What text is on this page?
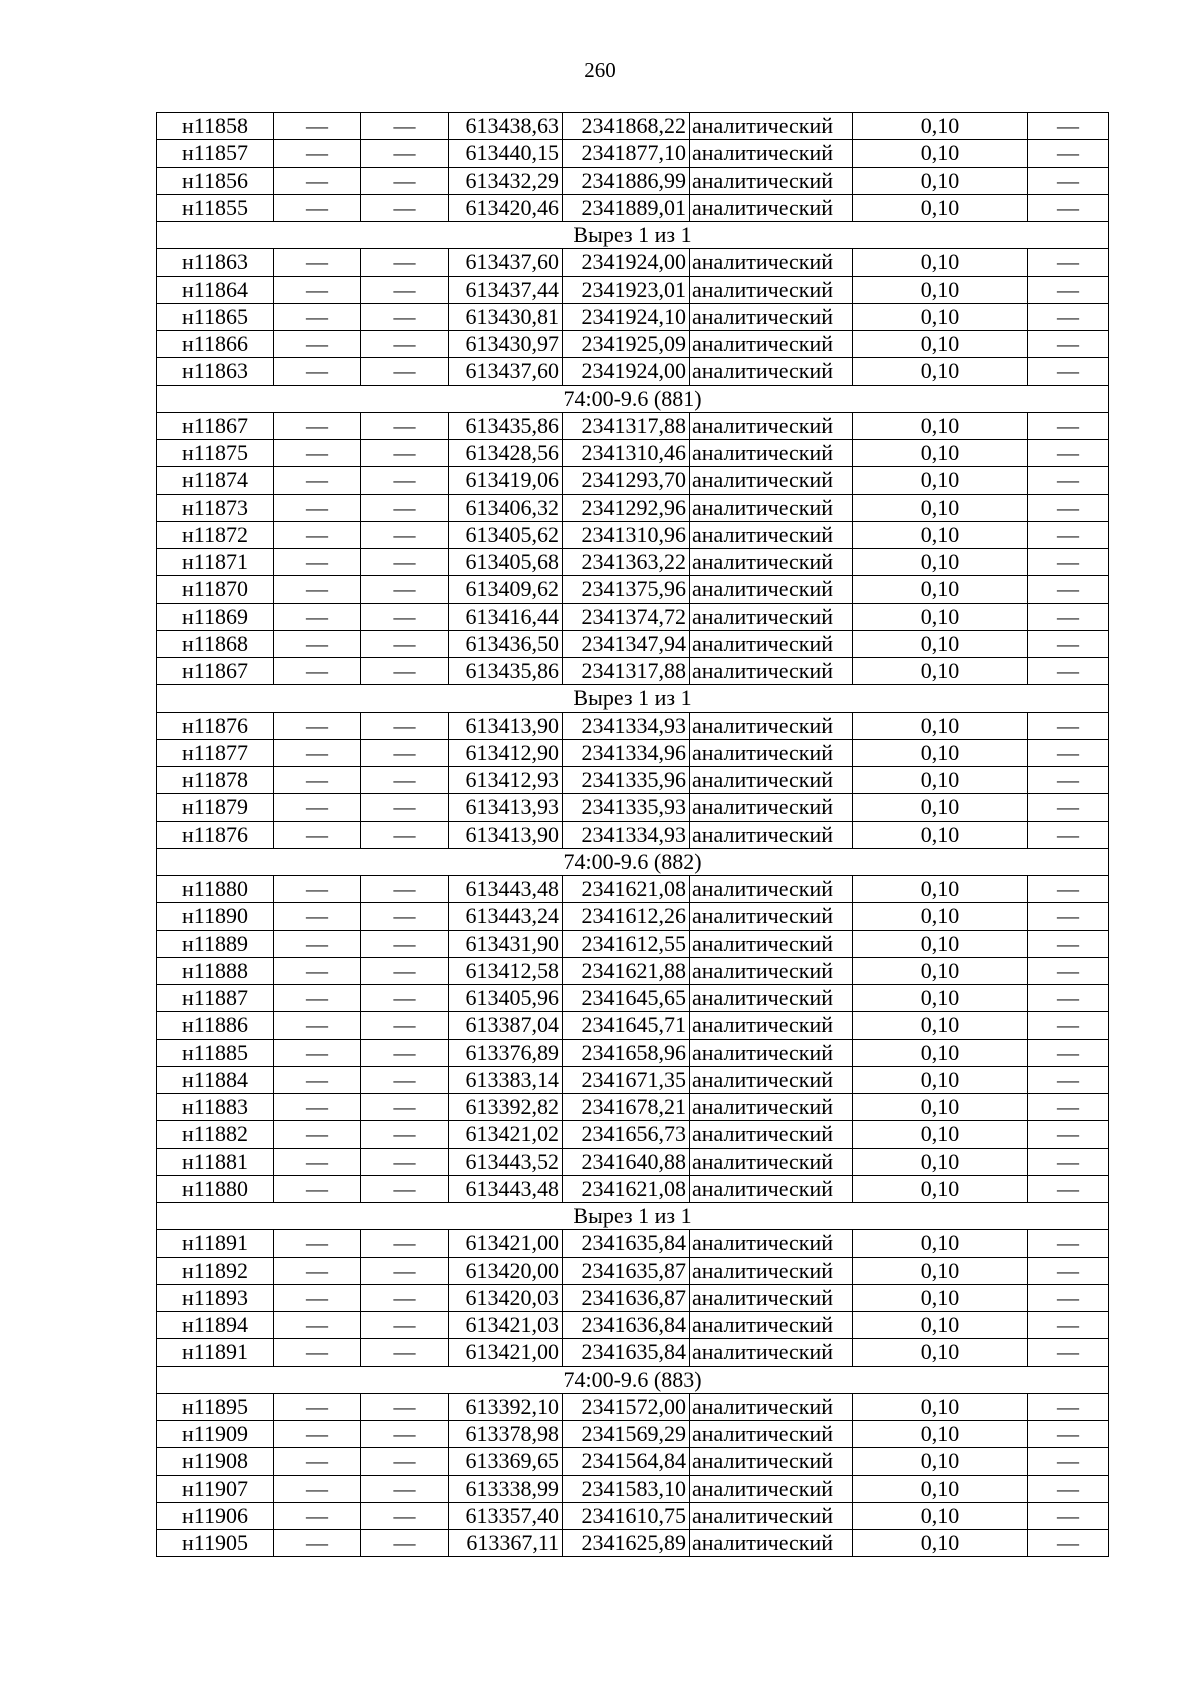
260
н11858	—	—	613438,63	2341868,22	аналитический	0,10	—
н11857	—	—	613440,15	2341877,10	аналитический	0,10	—
н11856	—	—	613432,29	2341886,99	аналитический	0,10	—
н11855	—	—	613420,46	2341889,01	аналитический	0,10	—
Вырез 1 из 1							
н11863	—	—	613437,60	2341924,00	аналитический	0,10	—
н11864	—	—	613437,44	2341923,01	аналитический	0,10	—
н11865	—	—	613430,81	2341924,10	аналитический	0,10	—
н11866	—	—	613430,97	2341925,09	аналитический	0,10	—
н11863	—	—	613437,60	2341924,00	аналитический	0,10	—
74:00-9.6 (881)							
н11867	—	—	613435,86	2341317,88	аналитический	0,10	—
н11875	—	—	613428,56	2341310,46	аналитический	0,10	—
н11874	—	—	613419,06	2341293,70	аналитический	0,10	—
н11873	—	—	613406,32	2341292,96	аналитический	0,10	—
н11872	—	—	613405,62	2341310,96	аналитический	0,10	—
н11871	—	—	613405,68	2341363,22	аналитический	0,10	—
н11870	—	—	613409,62	2341375,96	аналитический	0,10	—
н11869	—	—	613416,44	2341374,72	аналитический	0,10	—
н11868	—	—	613436,50	2341347,94	аналитический	0,10	—
н11867	—	—	613435,86	2341317,88	аналитический	0,10	—
Вырез 1 из 1							
н11876	—	—	613413,90	2341334,93	аналитический	0,10	—
н11877	—	—	613412,90	2341334,96	аналитический	0,10	—
н11878	—	—	613412,93	2341335,96	аналитический	0,10	—
н11879	—	—	613413,93	2341335,93	аналитический	0,10	—
н11876	—	—	613413,90	2341334,93	аналитический	0,10	—
74:00-9.6 (882)							
н11880	—	—	613443,48	2341621,08	аналитический	0,10	—
н11890	—	—	613443,24	2341612,26	аналитический	0,10	—
н11889	—	—	613431,90	2341612,55	аналитический	0,10	—
н11888	—	—	613412,58	2341621,88	аналитический	0,10	—
н11887	—	—	613405,96	2341645,65	аналитический	0,10	—
н11886	—	—	613387,04	2341645,71	аналитический	0,10	—
н11885	—	—	613376,89	2341658,96	аналитический	0,10	—
н11884	—	—	613383,14	2341671,35	аналитический	0,10	—
н11883	—	—	613392,82	2341678,21	аналитический	0,10	—
н11882	—	—	613421,02	2341656,73	аналитический	0,10	—
н11881	—	—	613443,52	2341640,88	аналитический	0,10	—
н11880	—	—	613443,48	2341621,08	аналитический	0,10	—
Вырез 1 из 1							
н11891	—	—	613421,00	2341635,84	аналитический	0,10	—
н11892	—	—	613420,00	2341635,87	аналитический	0,10	—
н11893	—	—	613420,03	2341636,87	аналитический	0,10	—
н11894	—	—	613421,03	2341636,84	аналитический	0,10	—
н11891	—	—	613421,00	2341635,84	аналитический	0,10	—
74:00-9.6 (883)							
н11895	—	—	613392,10	2341572,00	аналитический	0,10	—
н11909	—	—	613378,98	2341569,29	аналитический	0,10	—
н11908	—	—	613369,65	2341564,84	аналитический	0,10	—
н11907	—	—	613338,99	2341583,10	аналитический	0,10	—
н11906	—	—	613357,40	2341610,75	аналитический	0,10	—
н11905	—	—	613367,11	2341625,89	аналитический	0,10	—
